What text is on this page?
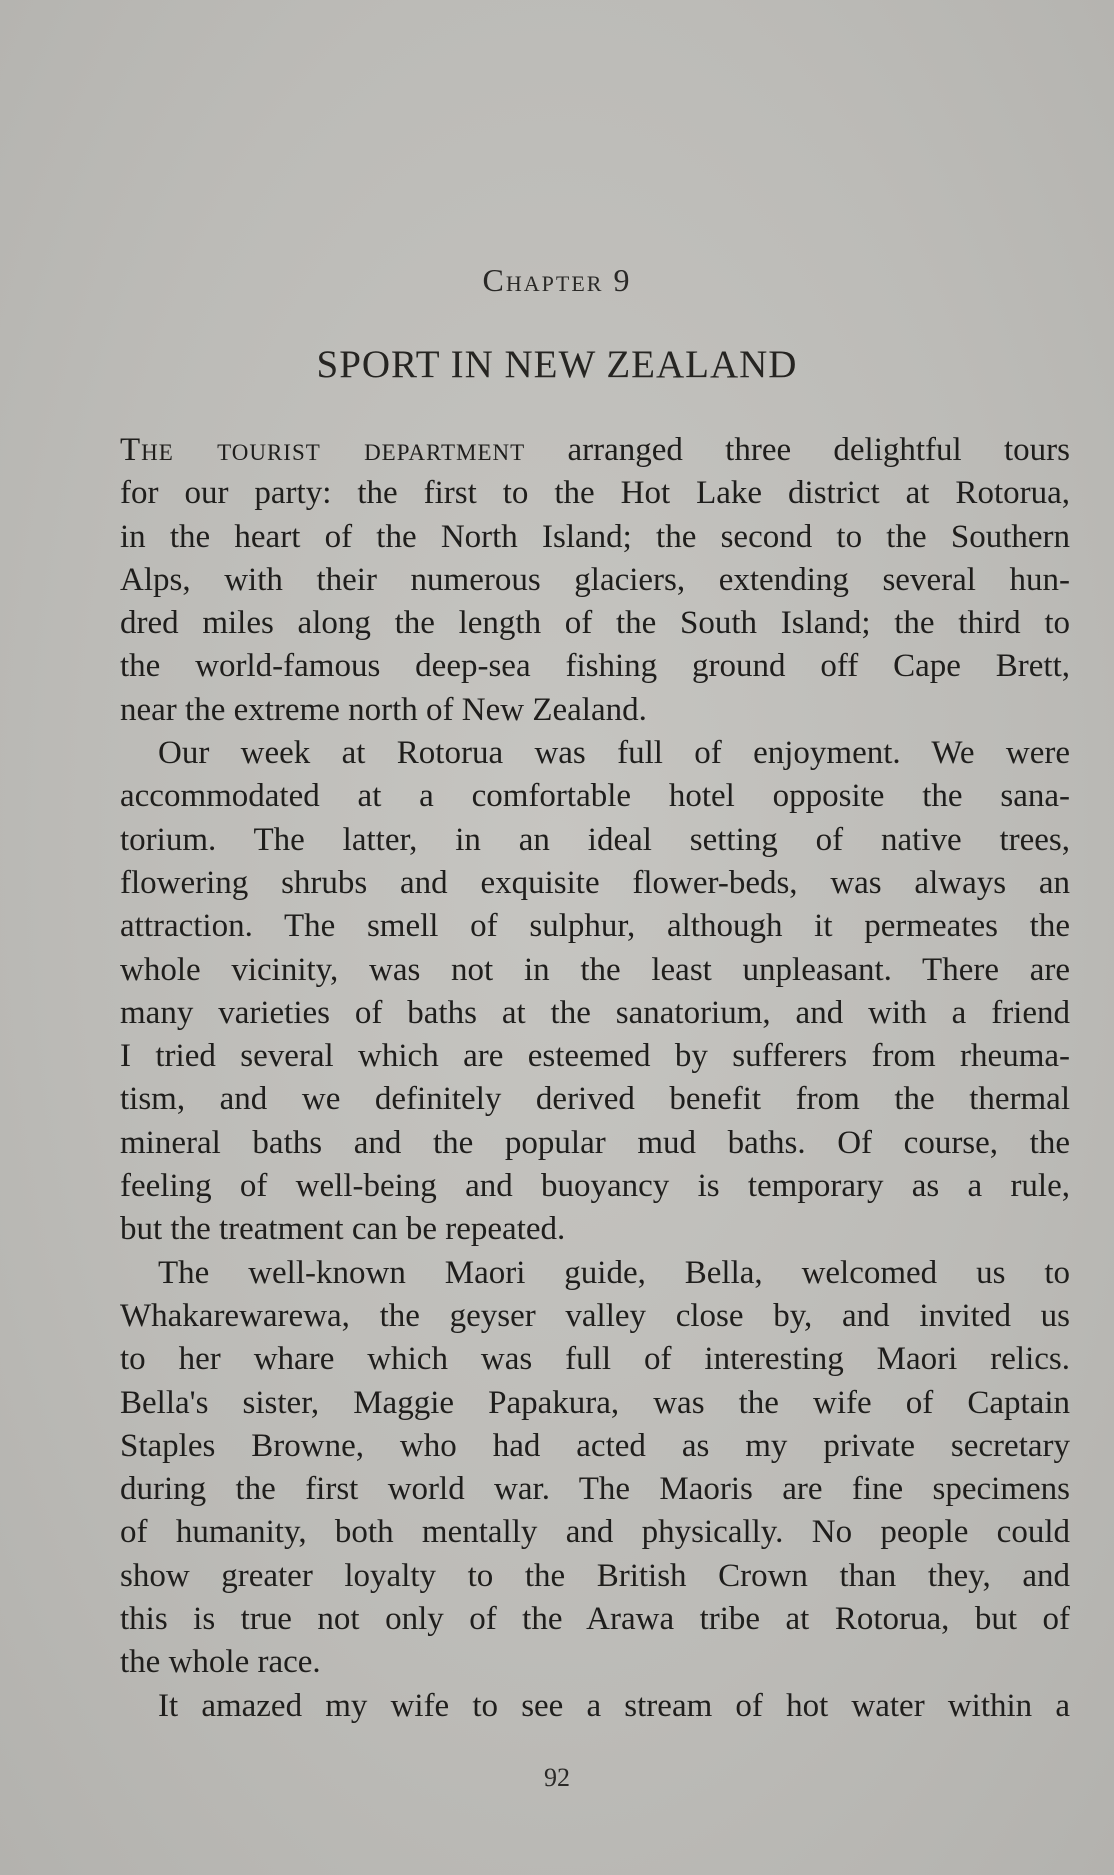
Chapter 9
SPORT IN NEW ZEALAND
The tourist department arranged three delightful tours
for our party: the first to the Hot Lake district at Rotorua,
in the heart of the North Island; the second to the Southern
Alps, with their numerous glaciers, extending several hun-
dred miles along the length of the South Island; the third to
the world-famous deep-sea fishing ground off Cape Brett,
near the extreme north of New Zealand.
Our week at Rotorua was full of enjoyment. We were
accommodated at a comfortable hotel opposite the sana-
torium. The latter, in an ideal setting of native trees,
flowering shrubs and exquisite flower-beds, was always an
attraction. The smell of sulphur, although it permeates the
whole vicinity, was not in the least unpleasant. There are
many varieties of baths at the sanatorium, and with a friend
I tried several which are esteemed by sufferers from rheuma-
tism, and we definitely derived benefit from the thermal
mineral baths and the popular mud baths. Of course, the
feeling of well-being and buoyancy is temporary as a rule,
but the treatment can be repeated.
The well-known Maori guide, Bella, welcomed us to
Whakarewarewa, the geyser valley close by, and invited us
to her whare which was full of interesting Maori relics.
Bella's sister, Maggie Papakura, was the wife of Captain
Staples Browne, who had acted as my private secretary
during the first world war. The Maoris are fine specimens
of humanity, both mentally and physically. No people could
show greater loyalty to the British Crown than they, and
this is true not only of the Arawa tribe at Rotorua, but of
the whole race.
It amazed my wife to see a stream of hot water within a
92
